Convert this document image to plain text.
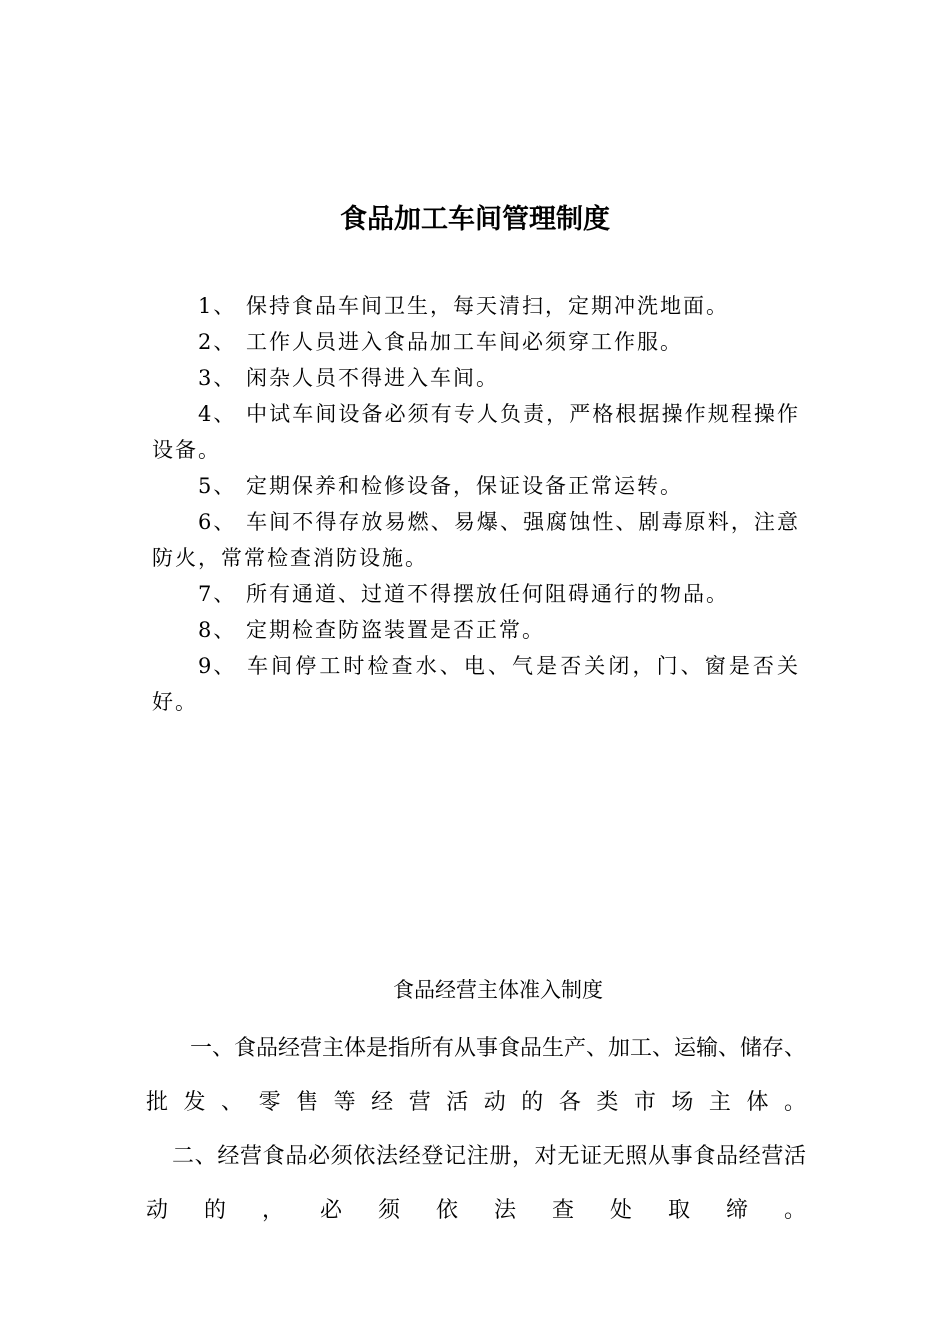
食品加工车间管理制度

1、 保持食品车间卫生，每天清扫，定期冲洗地面。

2、 工作人员进入食品加工车间必须穿工作服。

3、 闲杂人员不得进入车间。

4、 中试车间设备必须有专人负责，严格根据操作规程操作设备。

5、 定期保养和检修设备，保证设备正常运转。

6、 车间不得存放易燃、易爆、强腐蚀性、剧毒原料，注意防火，常常检查消防设施。

7、 所有通道、过道不得摆放任何阻碍通行的物品。

8、 定期检查防盗装置是否正常。

9、 车间停工时检查水、电、气是否关闭，门、窗是否关好。

食品经营主体准入制度

一、食品经营主体是指所有从事食品生产、加工、运输、储存、批发、零售等经营活动的各类市场主体。

二、经营食品必须依法经登记注册，对无证无照从事食品经营活动的，必须依法查处取缔。
